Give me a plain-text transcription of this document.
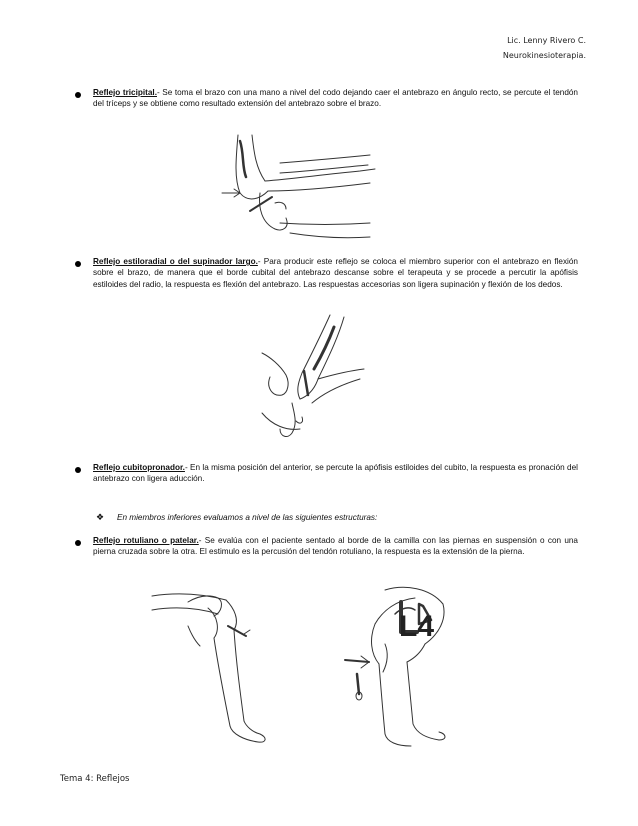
Lic. Lenny Rivero C.
Neurokinesioterapia.
Reflejo tricipital.- Se toma el brazo con una mano a nivel del codo dejando caer el antebrazo en ángulo recto, se percute el tendón del tríceps y se obtiene como resultado extensión del antebrazo sobre el brazo.
Reflejo estiloradial o del supinador largo.- Para producir este reflejo se coloca el miembro superior con el antebrazo en flexión sobre el brazo, de manera que el borde cubital del antebrazo descanse sobre el terapeuta y se procede a percutir la apófisis estiloides del radio, la respuesta es flexión del antebrazo. Las respuestas accesorias son ligera supinación y flexión de los dedos.
Reflejo cubitopronador.- En la misma posición del anterior, se percute la apófisis estiloides del cubito, la respuesta es pronación del antebrazo con ligera aducción.
❖ En miembros inferiores evaluamos a nivel de las siguientes estructuras:
Reflejo rotuliano o patelar.- Se evalúa con el paciente sentado al borde de la camilla con las piernas en suspensión o con una pierna cruzada sobre la otra. El estimulo es la percusión del tendón rotuliano, la respuesta es la extensión de la pierna.
L4
Tema 4: Reflejos
